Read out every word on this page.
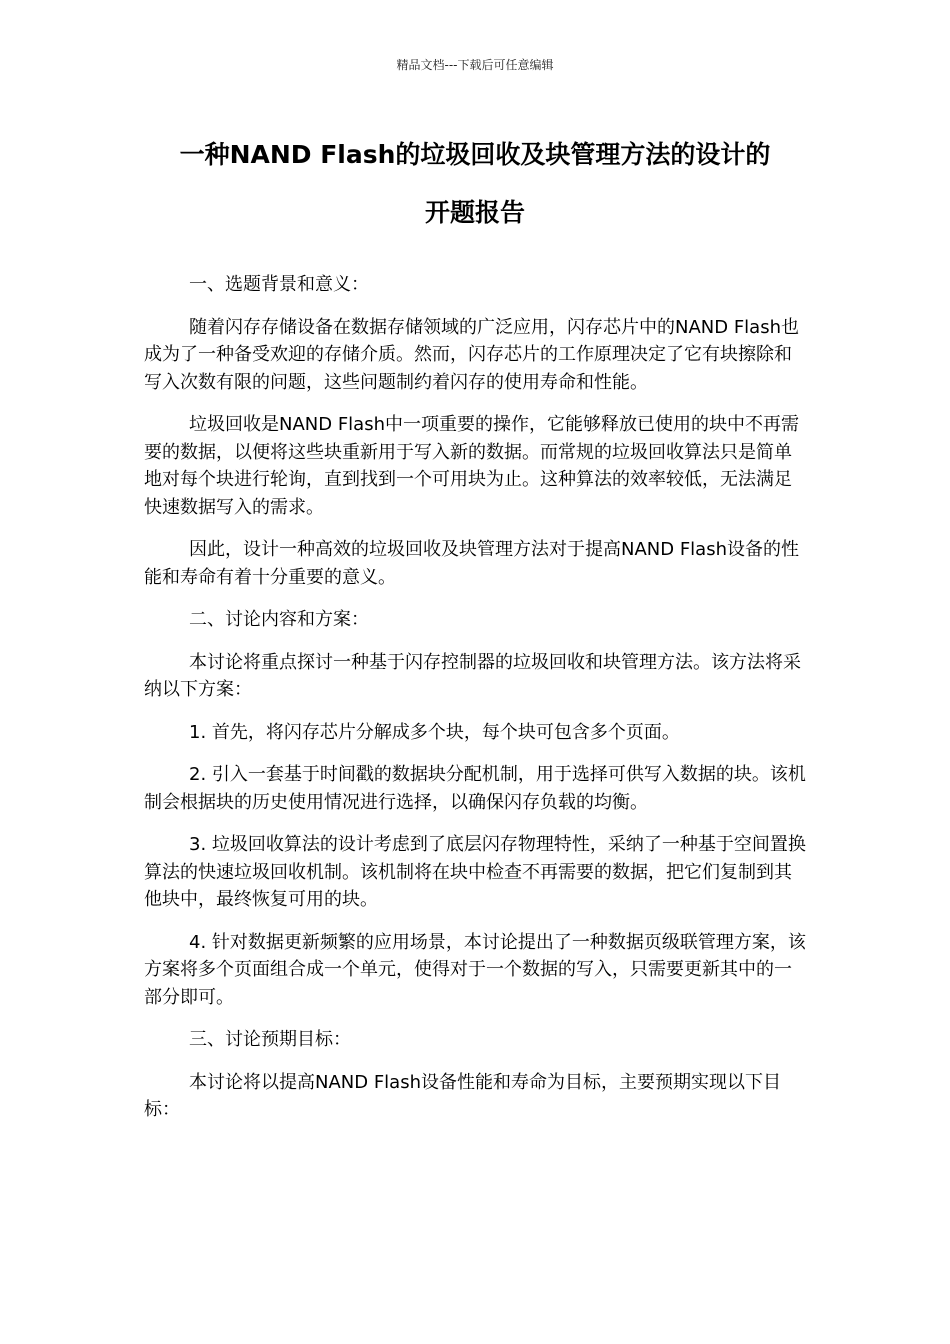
精品文档---下载后可任意编辑
一种NAND Flash的垃圾回收及块管理方法的设计的
开题报告

一、选题背景和意义：

随着闪存存储设备在数据存储领域的广泛应用，闪存芯片中的NAND Flash也成为了一种备受欢迎的存储介质。然而，闪存芯片的工作原理决定了它有块擦除和写入次数有限的问题，这些问题制约着闪存的使用寿命和性能。

垃圾回收是NAND Flash中一项重要的操作，它能够释放已使用的块中不再需要的数据，以便将这些块重新用于写入新的数据。而常规的垃圾回收算法只是简单地对每个块进行轮询，直到找到一个可用块为止。这种算法的效率较低，无法满足快速数据写入的需求。

因此，设计一种高效的垃圾回收及块管理方法对于提高NAND Flash设备的性能和寿命有着十分重要的意义。

二、讨论内容和方案：

本讨论将重点探讨一种基于闪存控制器的垃圾回收和块管理方法。该方法将采纳以下方案：

1. 首先，将闪存芯片分解成多个块，每个块可包含多个页面。

2. 引入一套基于时间戳的数据块分配机制，用于选择可供写入数据的块。该机制会根据块的历史使用情况进行选择，以确保闪存负载的均衡。

3. 垃圾回收算法的设计考虑到了底层闪存物理特性，采纳了一种基于空间置换算法的快速垃圾回收机制。该机制将在块中检查不再需要的数据，把它们复制到其他块中，最终恢复可用的块。

4. 针对数据更新频繁的应用场景，本讨论提出了一种数据页级联管理方案，该方案将多个页面组合成一个单元，使得对于一个数据的写入，只需要更新其中的一部分即可。

三、讨论预期目标：

本讨论将以提高NAND Flash设备性能和寿命为目标，主要预期实现以下目标：
